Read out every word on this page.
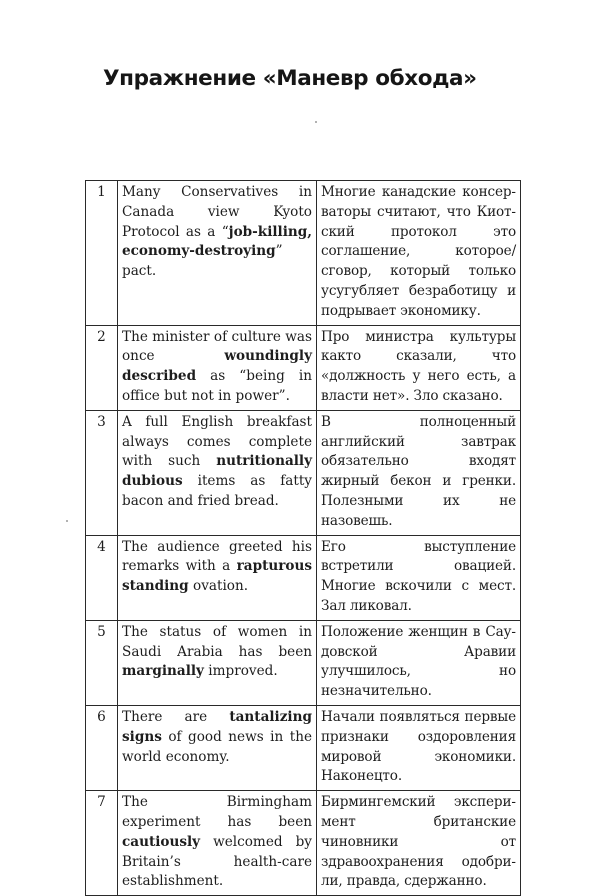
Упражнение «Маневр обхода»
1	Many Conservatives in Canada view Kyoto Protocol as a “job-killing, economy-destroying” pact.	Многие канадские консерваторы считают, что Киотский протокол это соглашение, которое/сговор, который только усугубляет безработицу и подрывает экономику.
2	The minister of culture was once woundingly described as “being in office but not in power”.	Про министра культуры както сказали, что «должность у него есть, а власти нет». Зло сказано.
3	A full English breakfast always comes complete with such nutritionally dubious items as fatty bacon and fried bread.	В полноценный английский завтрак обязательно входят жирный бекон и гренки. Полезными их не назовешь.
4	The audience greeted his remarks with a rapturous standing ovation.	Его выступление встретили овацией. Многие вскочили с мест. Зал ликовал.
5	The status of women in Saudi Arabia has been marginally improved.	Положение женщин в Саудовской Аравии улучшилось, но незначительно.
6	There are tantalizing signs of good news in the world economy.	Начали появляться первые признаки оздоровления мировой экономики. Наконецто.
7	The Birmingham experiment has been cautiously welcomed by Britain’s health-care establishment.	Бирмингемский эксперимент британские чиновники от здравоохранения одобрили, правда, сдержанно.
